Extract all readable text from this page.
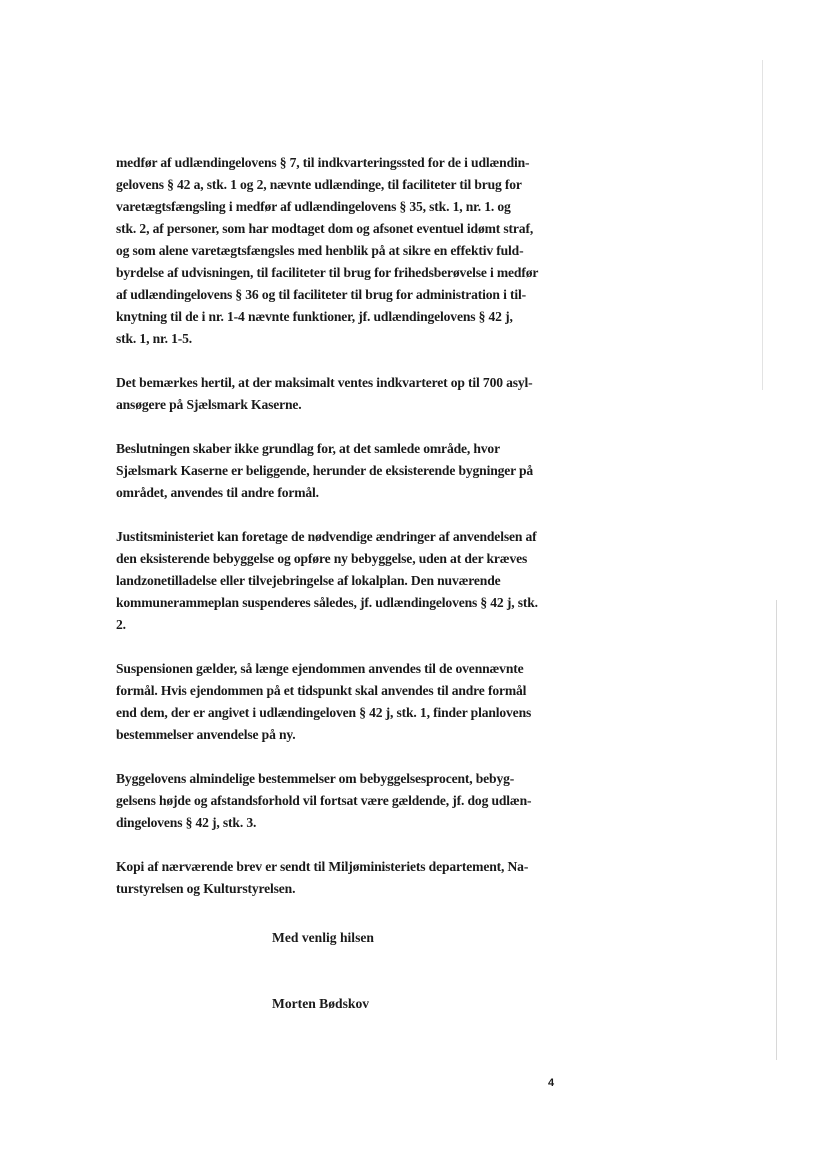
medfør af udlændingelovens § 7, til indkvarteringssted for de i udlændin-
gelovens § 42 a, stk. 1 og 2, nævnte udlændinge, til faciliteter til brug for
varetægtsfængsling i medfør af udlændingelovens § 35, stk. 1, nr. 1. og
stk. 2, af personer, som har modtaget dom og afsonet eventuel idømt straf,
og som alene varetægtsfængsles med henblik på at sikre en effektiv fuld-
byrdelse af udvisningen, til faciliteter til brug for frihedsberøvelse i medfør
af udlændingelovens § 36 og til faciliteter til brug for administration i til-
knytning til de i nr. 1-4 nævnte funktioner, jf. udlændingelovens § 42 j,
stk. 1, nr. 1-5.

Det bemærkes hertil, at der maksimalt ventes indkvarteret op til 700 asyl-
ansøgere på Sjælsmark Kaserne.

Beslutningen skaber ikke grundlag for, at det samlede område, hvor
Sjælsmark Kaserne er beliggende, herunder de eksisterende bygninger på
området, anvendes til andre formål.

Justitsministeriet kan foretage de nødvendige ændringer af anvendelsen af
den eksisterende bebyggelse og opføre ny bebyggelse, uden at der kræves
landzonetilladelse eller tilvejebringelse af lokalplan. Den nuværende
kommunerammeplan suspenderes således, jf. udlændingelovens § 42 j, stk.
2.

Suspensionen gælder, så længe ejendommen anvendes til de ovennævnte
formål. Hvis ejendommen på et tidspunkt skal anvendes til andre formål
end dem, der er angivet i udlændingeloven § 42 j, stk. 1, finder planlovens
bestemmelser anvendelse på ny.

Byggelovens almindelige bestemmelser om bebyggelsesprocent, bebyg-
gelsens højde og afstandsforhold vil fortsat være gældende, jf. dog udlæn-
dingelovens § 42 j, stk. 3.

Kopi af nærværende brev er sendt til Miljøministeriets departement, Na-
turstyrelsen og Kulturstyrelsen.

Med venlig hilsen
Morten Bødskov
4
